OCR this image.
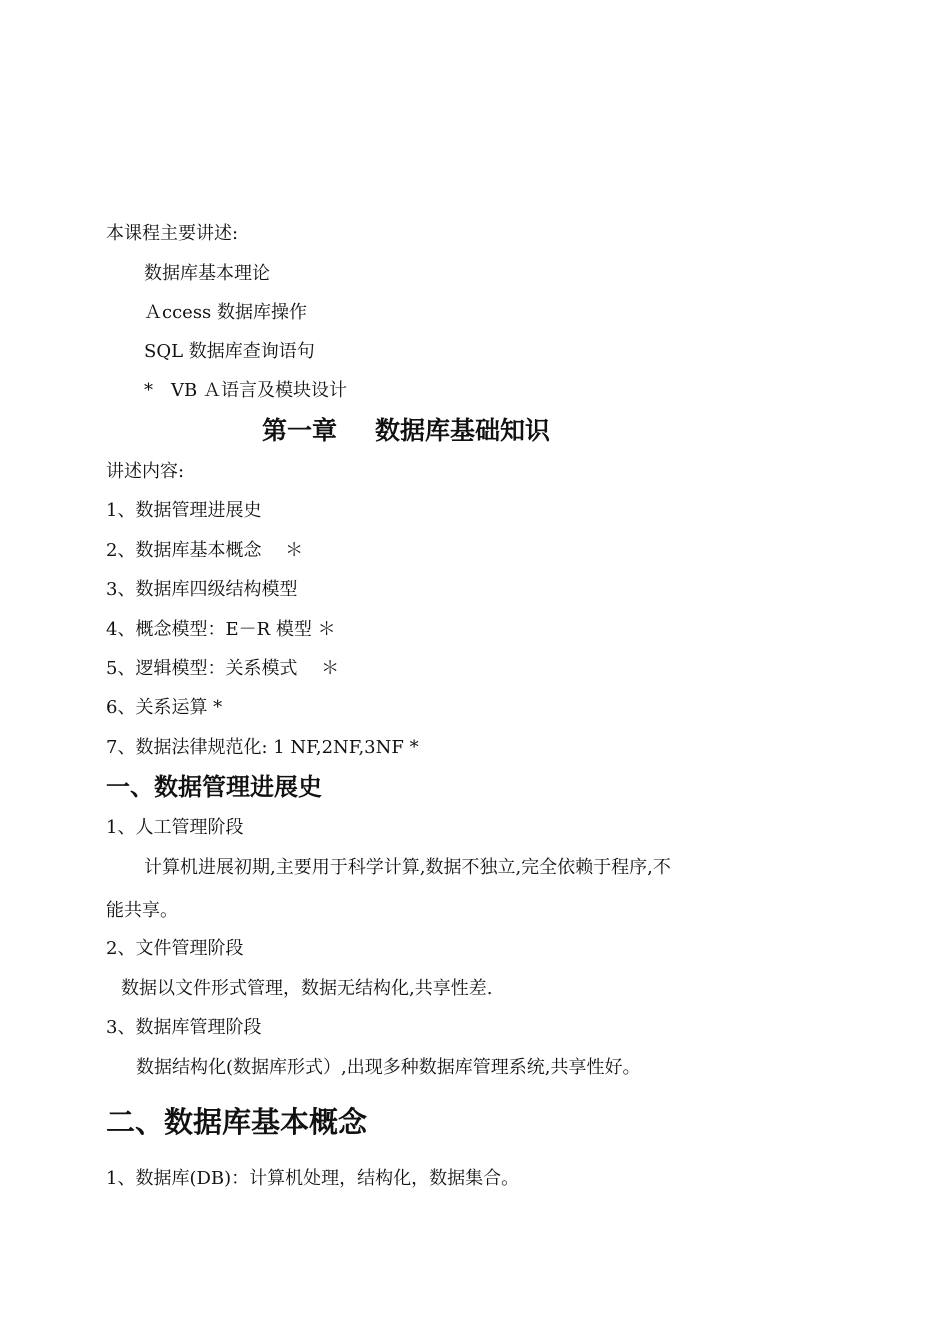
本课程主要讲述:
数据库基本理论
Ａccess 数据库操作
SQL 数据库查询语句
*　VB Ａ语言及模块设计
第一章 数据库基础知识
讲述内容:
1、数据管理进展史
2、数据库基本概念　 ＊
3、数据库四级结构模型
4、概念模型：E－R 模型 ＊
5、逻辑模型：关系模式　 ＊
6、关系运算 *
7、数据法律规范化: 1 NF,2NF,3NF *
一、数据管理进展史
1、人工管理阶段
计算机进展初期,主要用于科学计算,数据不独立,完全依赖于程序,不
能共享。
2、文件管理阶段
数据以文件形式管理，数据无结构化,共享性差.
3、数据库管理阶段
数据结构化(数据库形式）,出现多种数据库管理系统,共享性好。
二、数据库基本概念
1、数据库(DB)：计算机处理，结构化，数据集合。
